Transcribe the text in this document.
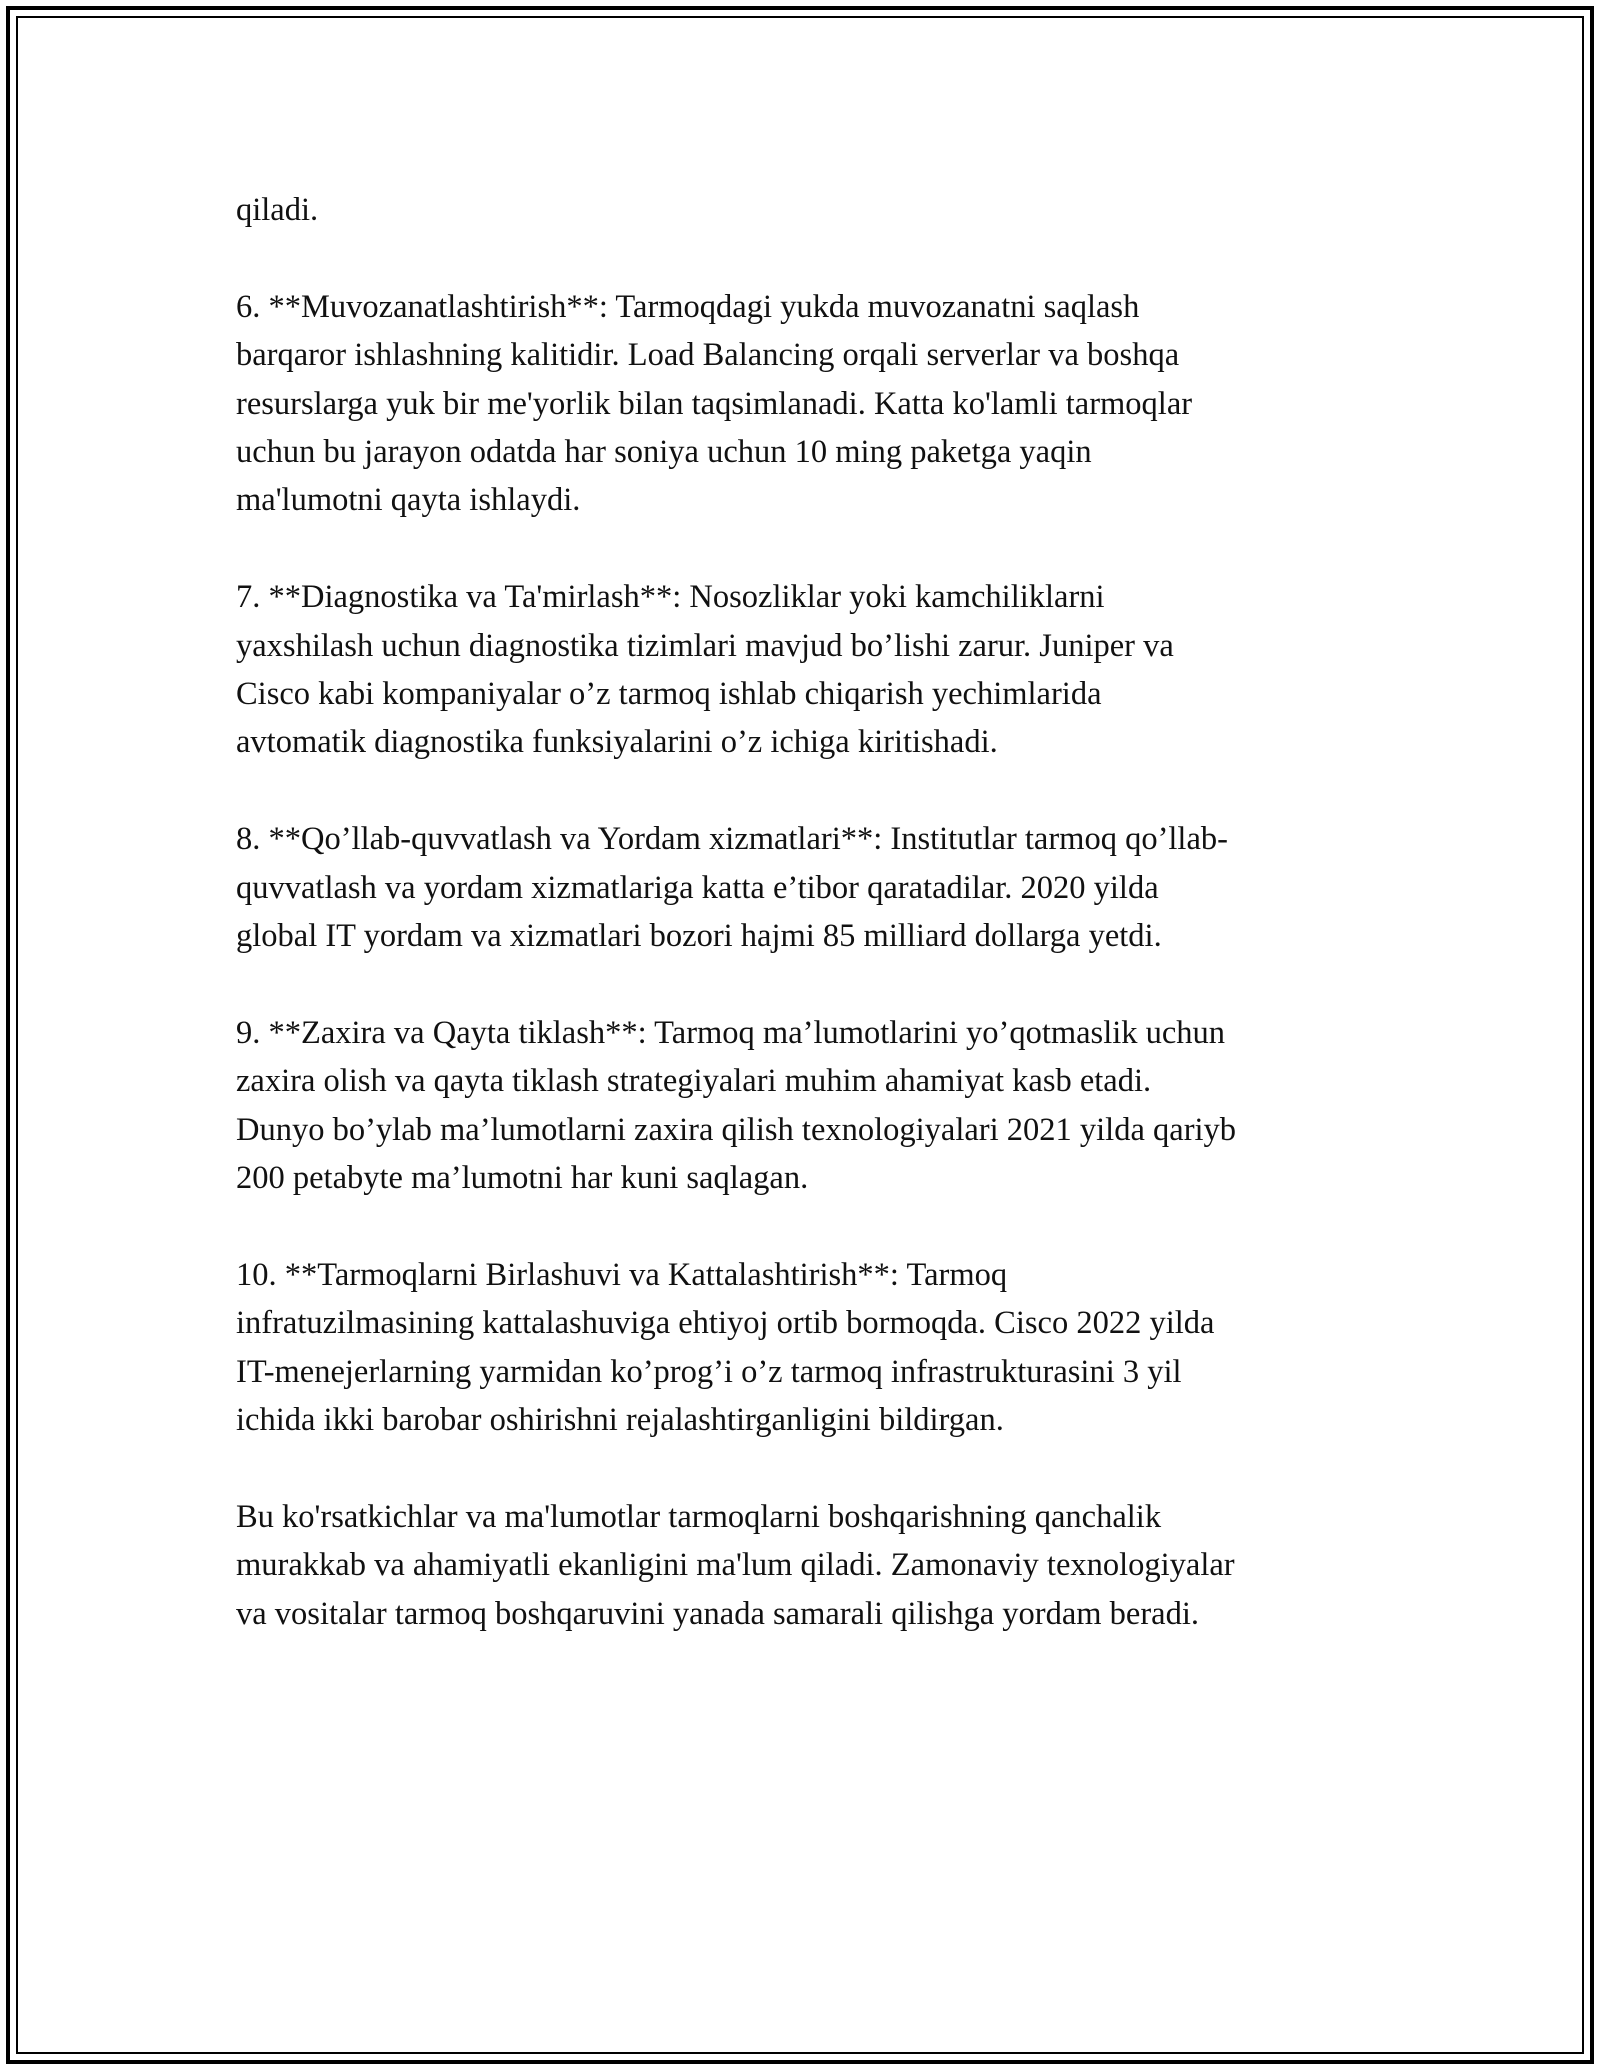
qiladi.

6. **Muvozanatlashtirish**: Tarmoqdagi yukda muvozanatni saqlash
barqaror ishlashning kalitidir. Load Balancing orqali serverlar va boshqa
resurslarga yuk bir me'yorlik bilan taqsimlanadi. Katta ko'lamli tarmoqlar
uchun bu jarayon odatda har soniya uchun 10 ming paketga yaqin
ma'lumotni qayta ishlaydi.

7. **Diagnostika va Ta'mirlash**: Nosozliklar yoki kamchiliklarni
yaxshilash uchun diagnostika tizimlari mavjud bo’lishi zarur. Juniper va
Cisco kabi kompaniyalar o’z tarmoq ishlab chiqarish yechimlarida
avtomatik diagnostika funksiyalarini o’z ichiga kiritishadi.

8. **Qo’llab-quvvatlash va Yordam xizmatlari**: Institutlar tarmoq qo’llab-
quvvatlash va yordam xizmatlariga katta e’tibor qaratadilar. 2020 yilda
global IT yordam va xizmatlari bozori hajmi 85 milliard dollarga yetdi.

9. **Zaxira va Qayta tiklash**: Tarmoq ma’lumotlarini yo’qotmaslik uchun
zaxira olish va qayta tiklash strategiyalari muhim ahamiyat kasb etadi.
Dunyo bo’ylab ma’lumotlarni zaxira qilish texnologiyalari 2021 yilda qariyb
200 petabyte ma’lumotni har kuni saqlagan.

10. **Tarmoqlarni Birlashuvi va Kattalashtirish**: Tarmoq
infratuzilmasining kattalashuviga ehtiyoj ortib bormoqda. Cisco 2022 yilda
IT-menejerlarning yarmidan ko’prog’i o’z tarmoq infrastrukturasini 3 yil
ichida ikki barobar oshirishni rejalashtirganligini bildirgan.

Bu ko'rsatkichlar va ma'lumotlar tarmoqlarni boshqarishning qanchalik
murakkab va ahamiyatli ekanligini ma'lum qiladi. Zamonaviy texnologiyalar
va vositalar tarmoq boshqaruvini yanada samarali qilishga yordam beradi.
